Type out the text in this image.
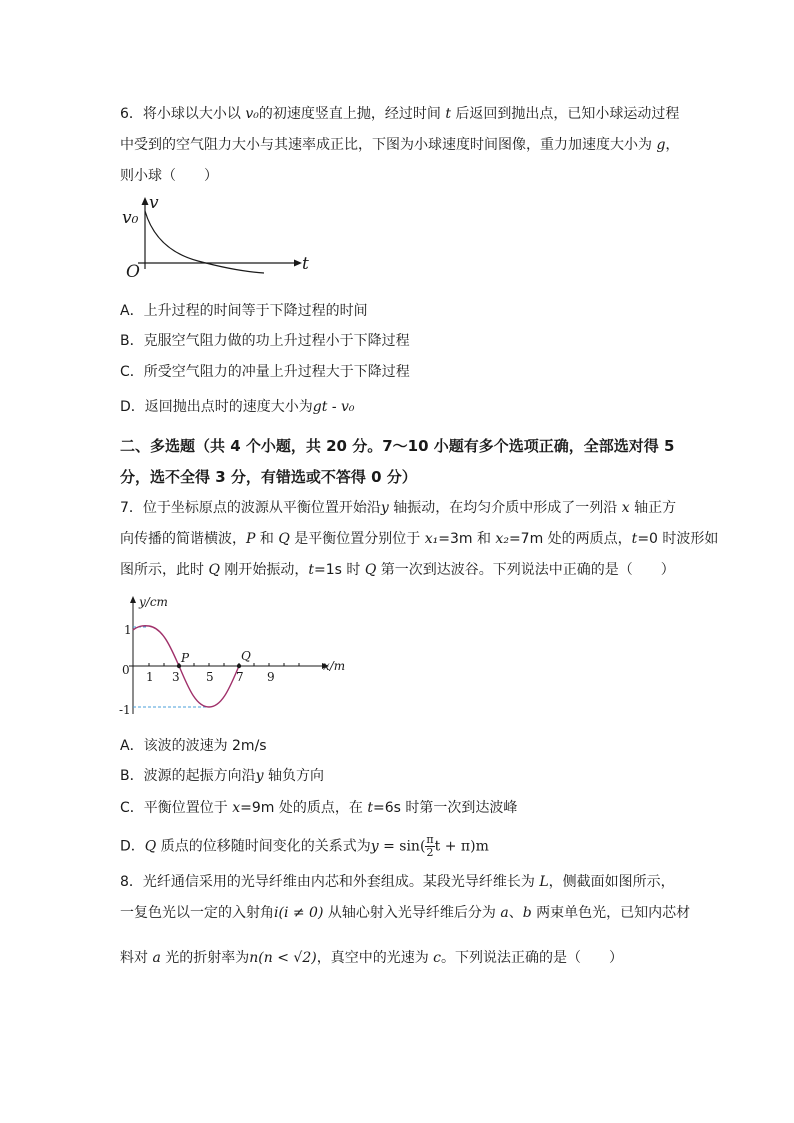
6．将小球以大小以 v₀的初速度竖直上抛，经过时间 t 后返回到抛出点，已知小球运动过程
中受到的空气阻力大小与其速率成正比，下图为小球速度时间图像，重力加速度大小为 g，
则小球（　　）
v₀
v
O	t
A．上升过程的时间等于下降过程的时间
B．克服空气阻力做的功上升过程小于下降过程
C．所受空气阻力的冲量上升过程大于下降过程
D．返回抛出点时的速度大小为gt - v₀
二、多选题（共 4 个小题，共 20 分。7～10 小题有多个选项正确，全部选对得 5
分，选不全得 3 分，有错选或不答得 0 分）
7．位于坐标原点的波源从平衡位置开始沿y 轴振动，在均匀介质中形成了一列沿 x 轴正方
向传播的简谐横波，P 和 Q 是平衡位置分别位于 x₁=3m 和 x₂=7m 处的两质点，t=0 时波形如
图所示，此时 Q 刚开始振动，t=1s 时 Q 第一次到达波谷。下列说法中正确的是（　　）
y/cm
x/m
1
0
-1
1 3 5 7 9
P	Q
A．该波的波速为 2m/s
B．波源的起振方向沿y 轴负方向
C．平衡位置位于 x=9m 处的质点，在 t=6s 时第一次到达波峰
D．Q 质点的位移随时间变化的关系式为$y = \sin( \frac{\pi}{2}$ t + π)m
8．光纤通信采用的光导纤维由内芯和外套组成。某段光导纤维长为 L，侧截面如图所示，
一复色光以一定的入射角i(i ≠ 0) 从轴心射入光导纤维后分为 a、b 两束单色光，已知内芯材
料对 a 光的折射率为n(n < √2)，真空中的光速为 c。下列说法正确的是（　　）
